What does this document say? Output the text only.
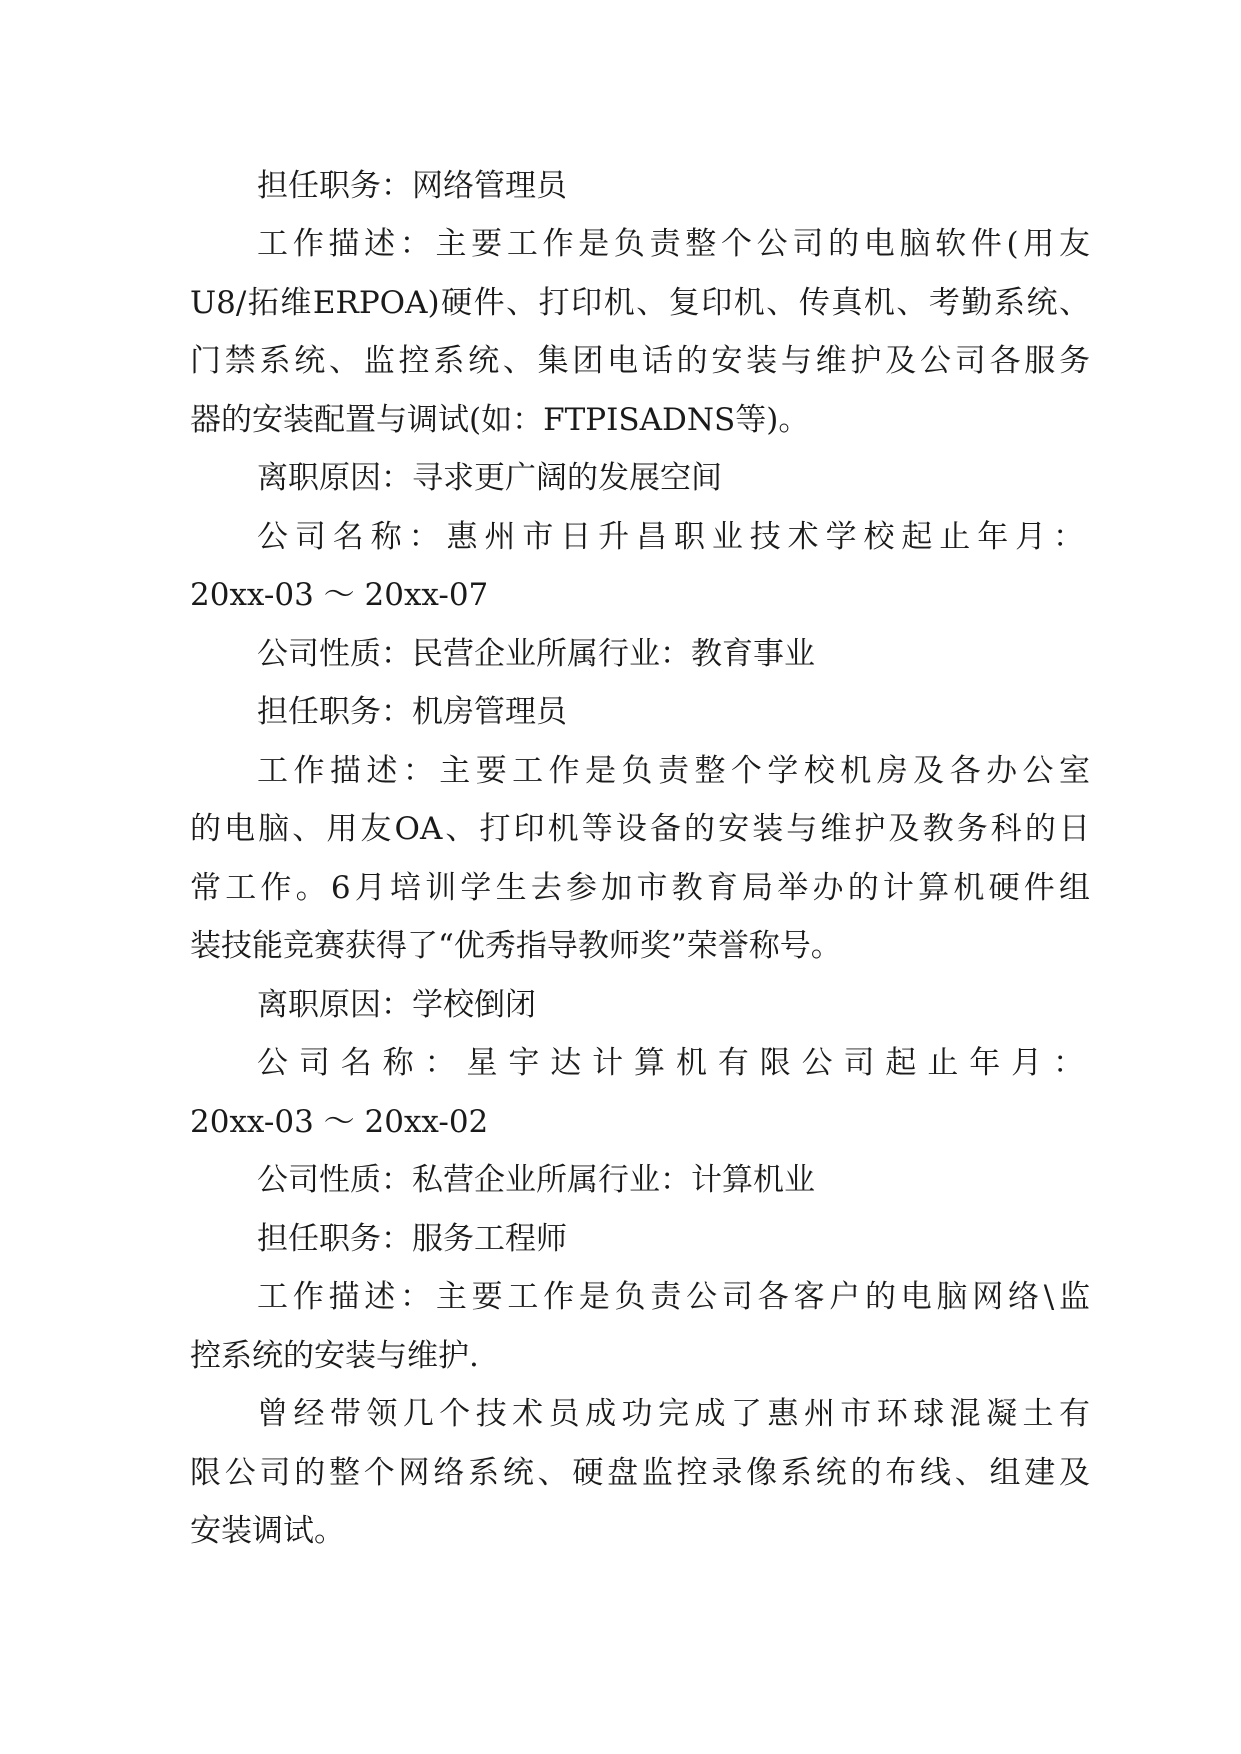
担任职务：网络管理员
工作描述：主要工作是负责整个公司的电脑软件(用友
U8/拓维ERPOA)硬件、打印机、复印机、传真机、考勤系统、
门禁系统、监控系统、集团电话的安装与维护及公司各服务
器的安装配置与调试(如：FTPISADNS等)。
离职原因：寻求更广阔的发展空间
公司名称：惠州市日升昌职业技术学校起止年月：
20xx-03 ～ 20xx-07
公司性质：民营企业所属行业：教育事业
担任职务：机房管理员
工作描述：主要工作是负责整个学校机房及各办公室
的电脑、用友OA、打印机等设备的安装与维护及教务科的日
常工作。6月培训学生去参加市教育局举办的计算机硬件组
装技能竞赛获得了“优秀指导教师奖”荣誉称号。
离职原因：学校倒闭
公司名称：星宇达计算机有限公司起止年月：
20xx-03 ～ 20xx-02
公司性质：私营企业所属行业：计算机业
担任职务：服务工程师
工作描述：主要工作是负责公司各客户的电脑网络\监
控系统的安装与维护.
曾经带领几个技术员成功完成了惠州市环球混凝土有
限公司的整个网络系统、硬盘监控录像系统的布线、组建及
安装调试。
